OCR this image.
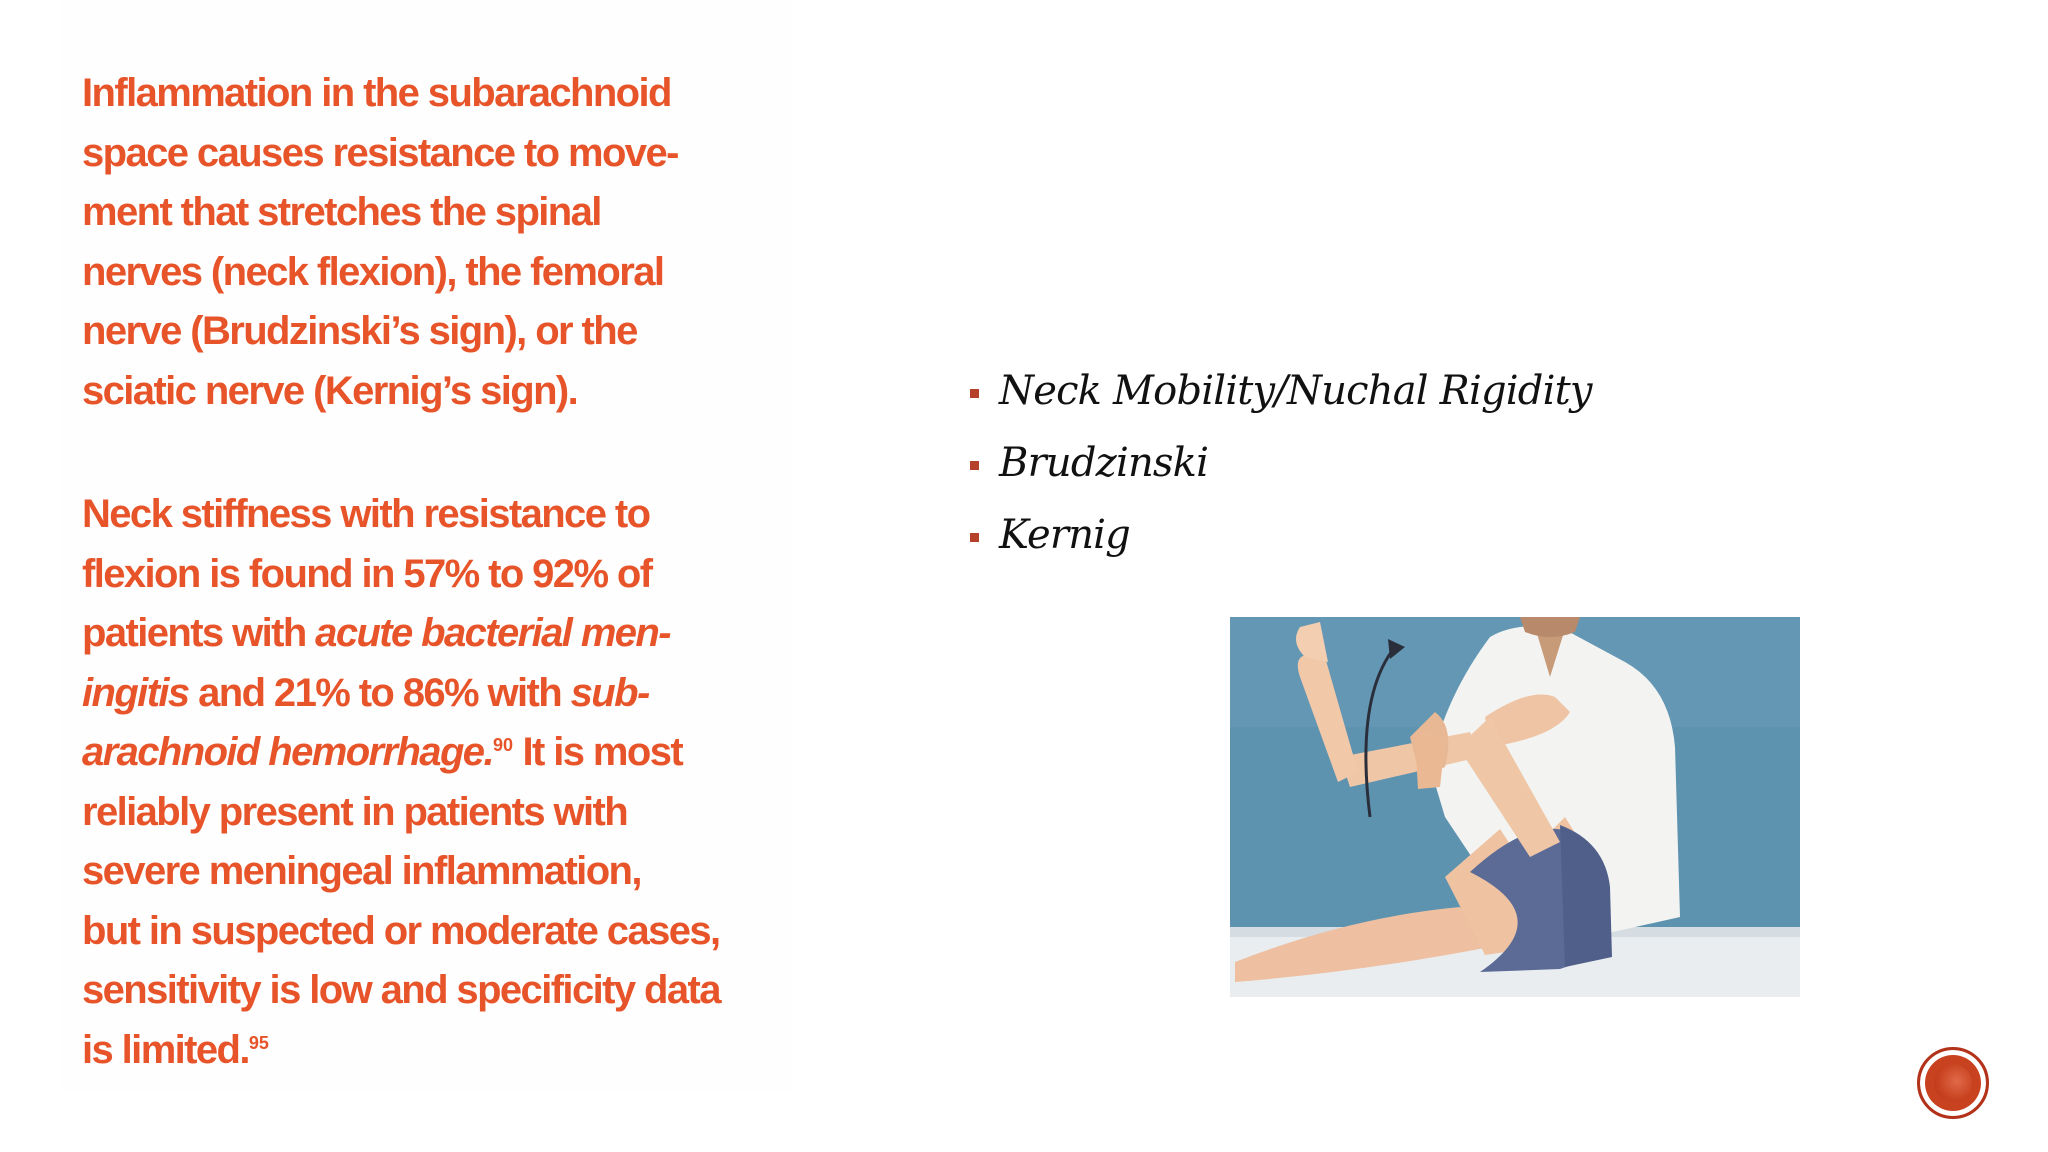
Inflammation in the subarachnoid
space causes resistance to move-
ment that stretches the spinal
nerves (neck flexion), the femoral
nerve (Brudzinski’s sign), or the
sciatic nerve (Kernig’s sign).

Neck stiffness with resistance to
flexion is found in 57% to 92% of
patients with acute bacterial men-
ingitis and 21% to 86% with sub-
arachnoid hemorrhage.$^{90}$ It is most
reliably present in patients with
severe meningeal inflammation,
but in suspected or moderate cases,
sensitivity is low and specificity data
is limited.$^{95}$

Neck Mobility/Nuchal Rigidity
Brudzinski
Kernig
